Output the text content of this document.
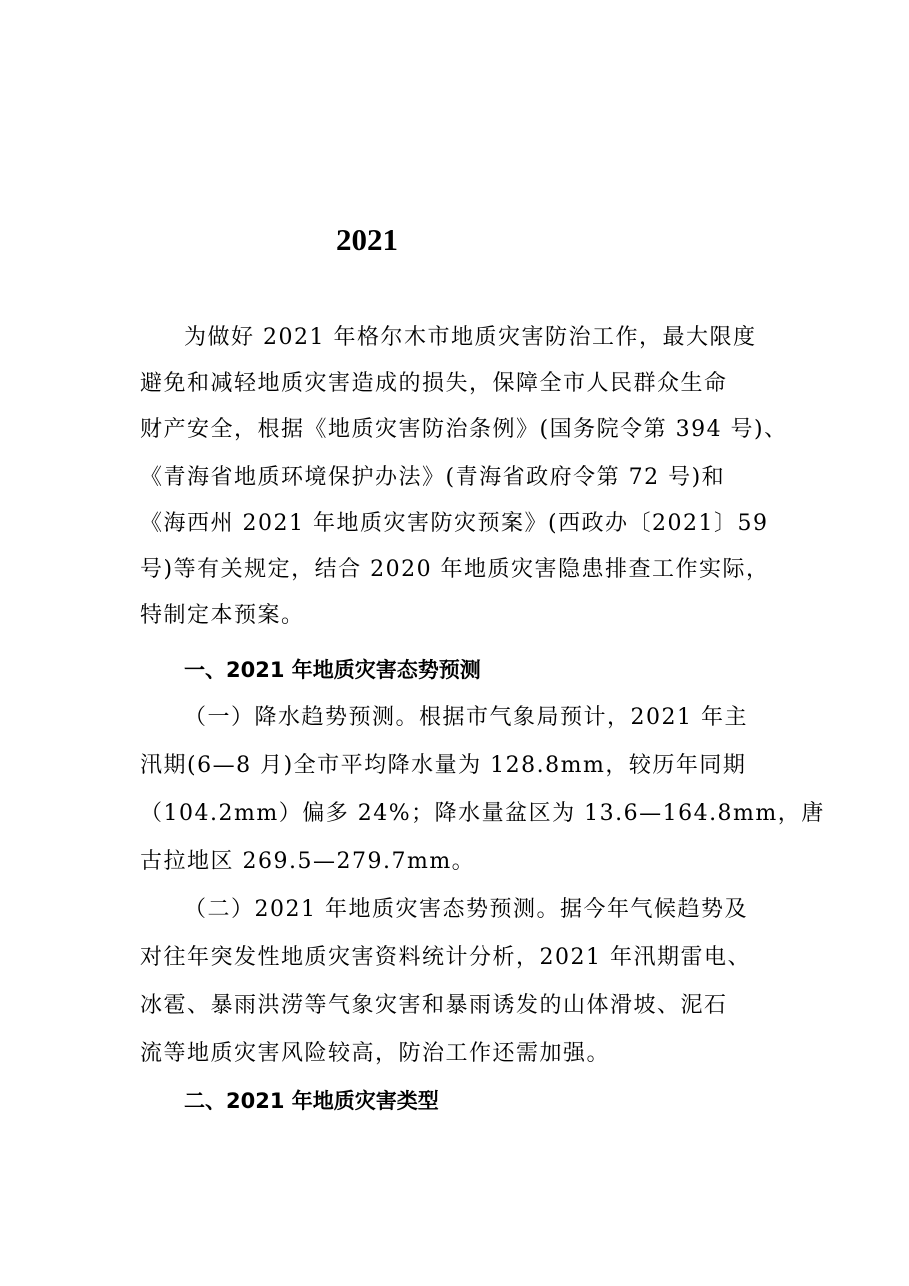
2021

为做好 2021 年格尔木市地质灾害防治工作，最大限度

避免和减轻地质灾害造成的损失，保障全市人民群众生命

财产安全，根据《地质灾害防治条例》(国务院令第 394 号)、

《青海省地质环境保护办法》(青海省政府令第 72 号)和

《海西州 2021 年地质灾害防灾预案》(西政办〔2021〕59

号)等有关规定，结合 2020 年地质灾害隐患排查工作实际，

特制定本预案。

一、2021 年地质灾害态势预测

（一）降水趋势预测。根据市气象局预计，2021 年主

汛期(6—8 月)全市平均降水量为 128.8mm，较历年同期

（104.2mm）偏多 24%；降水量盆区为 13.6—164.8mm，唐

古拉地区 269.5—279.7mm。

（二）2021 年地质灾害态势预测。据今年气候趋势及

对往年突发性地质灾害资料统计分析，2021 年汛期雷电、

冰雹、暴雨洪涝等气象灾害和暴雨诱发的山体滑坡、泥石

流等地质灾害风险较高，防治工作还需加强。

二、2021 年地质灾害类型
